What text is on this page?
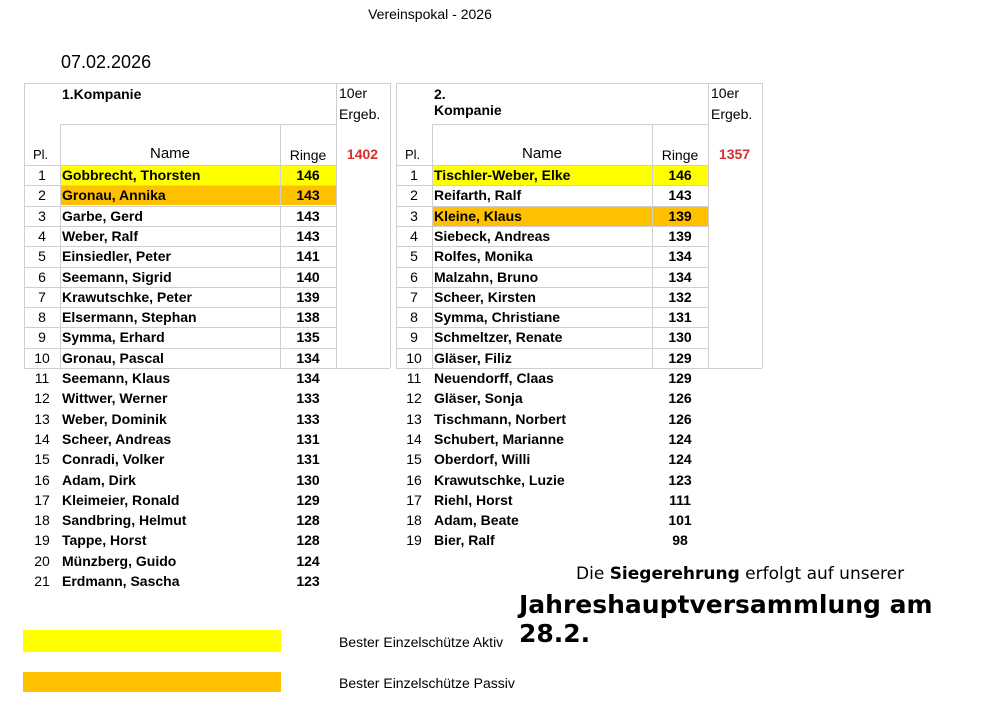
Vereinspokal - 2026
07.02.2026
1.Kompanie	10er
Ergeb.
Pl.	Name	Ringe	1402
1	Gobbrecht, Thorsten	146
2	Gronau, Annika	143
3	Garbe, Gerd	143
4	Weber, Ralf	143
5	Einsiedler, Peter	141
6	Seemann, Sigrid	140
7	Krawutschke, Peter	139
8	Elsermann, Stephan	138
9	Symma, Erhard	135
10 Gronau, Pascal	134
11 Seemann, Klaus	134
12 Wittwer, Werner	133
13 Weber, Dominik	133
14 Scheer, Andreas	131
15 Conradi, Volker	131
16 Adam, Dirk	130
17 Kleimeier, Ronald	129
18 Sandbring, Helmut	128
19 Tappe, Horst	128
20 Münzberg, Guido	124
21 Erdmann, Sascha	123
2. Kompanie
10er
Ergeb.
Pl.	Name	Ringe	1357
1	Tischler-Weber, Elke	146
2	Reifarth, Ralf	143
3	Kleine, Klaus	139
4	Siebeck, Andreas	139
5	Rolfes, Monika	134
6	Malzahn, Bruno	134
7	Scheer, Kirsten	132
8	Symma, Christiane	131
9	Schmeltzer, Renate	130
10 Gläser, Filiz	129
11 Neuendorff, Claas	129
12 Gläser, Sonja	126
13 Tischmann, Norbert	126
14 Schubert, Marianne	124
15 Oberdorf, Willi	124
16 Krawutschke, Luzie	123
17 Riehl, Horst	111
18 Adam, Beate	101
19 Bier, Ralf	98
Die Siegerehrung erfolgt auf unserer
Jahreshauptversammlung am 28.2.
Bester Einzelschütze Aktiv
Bester Einzelschütze Passiv
